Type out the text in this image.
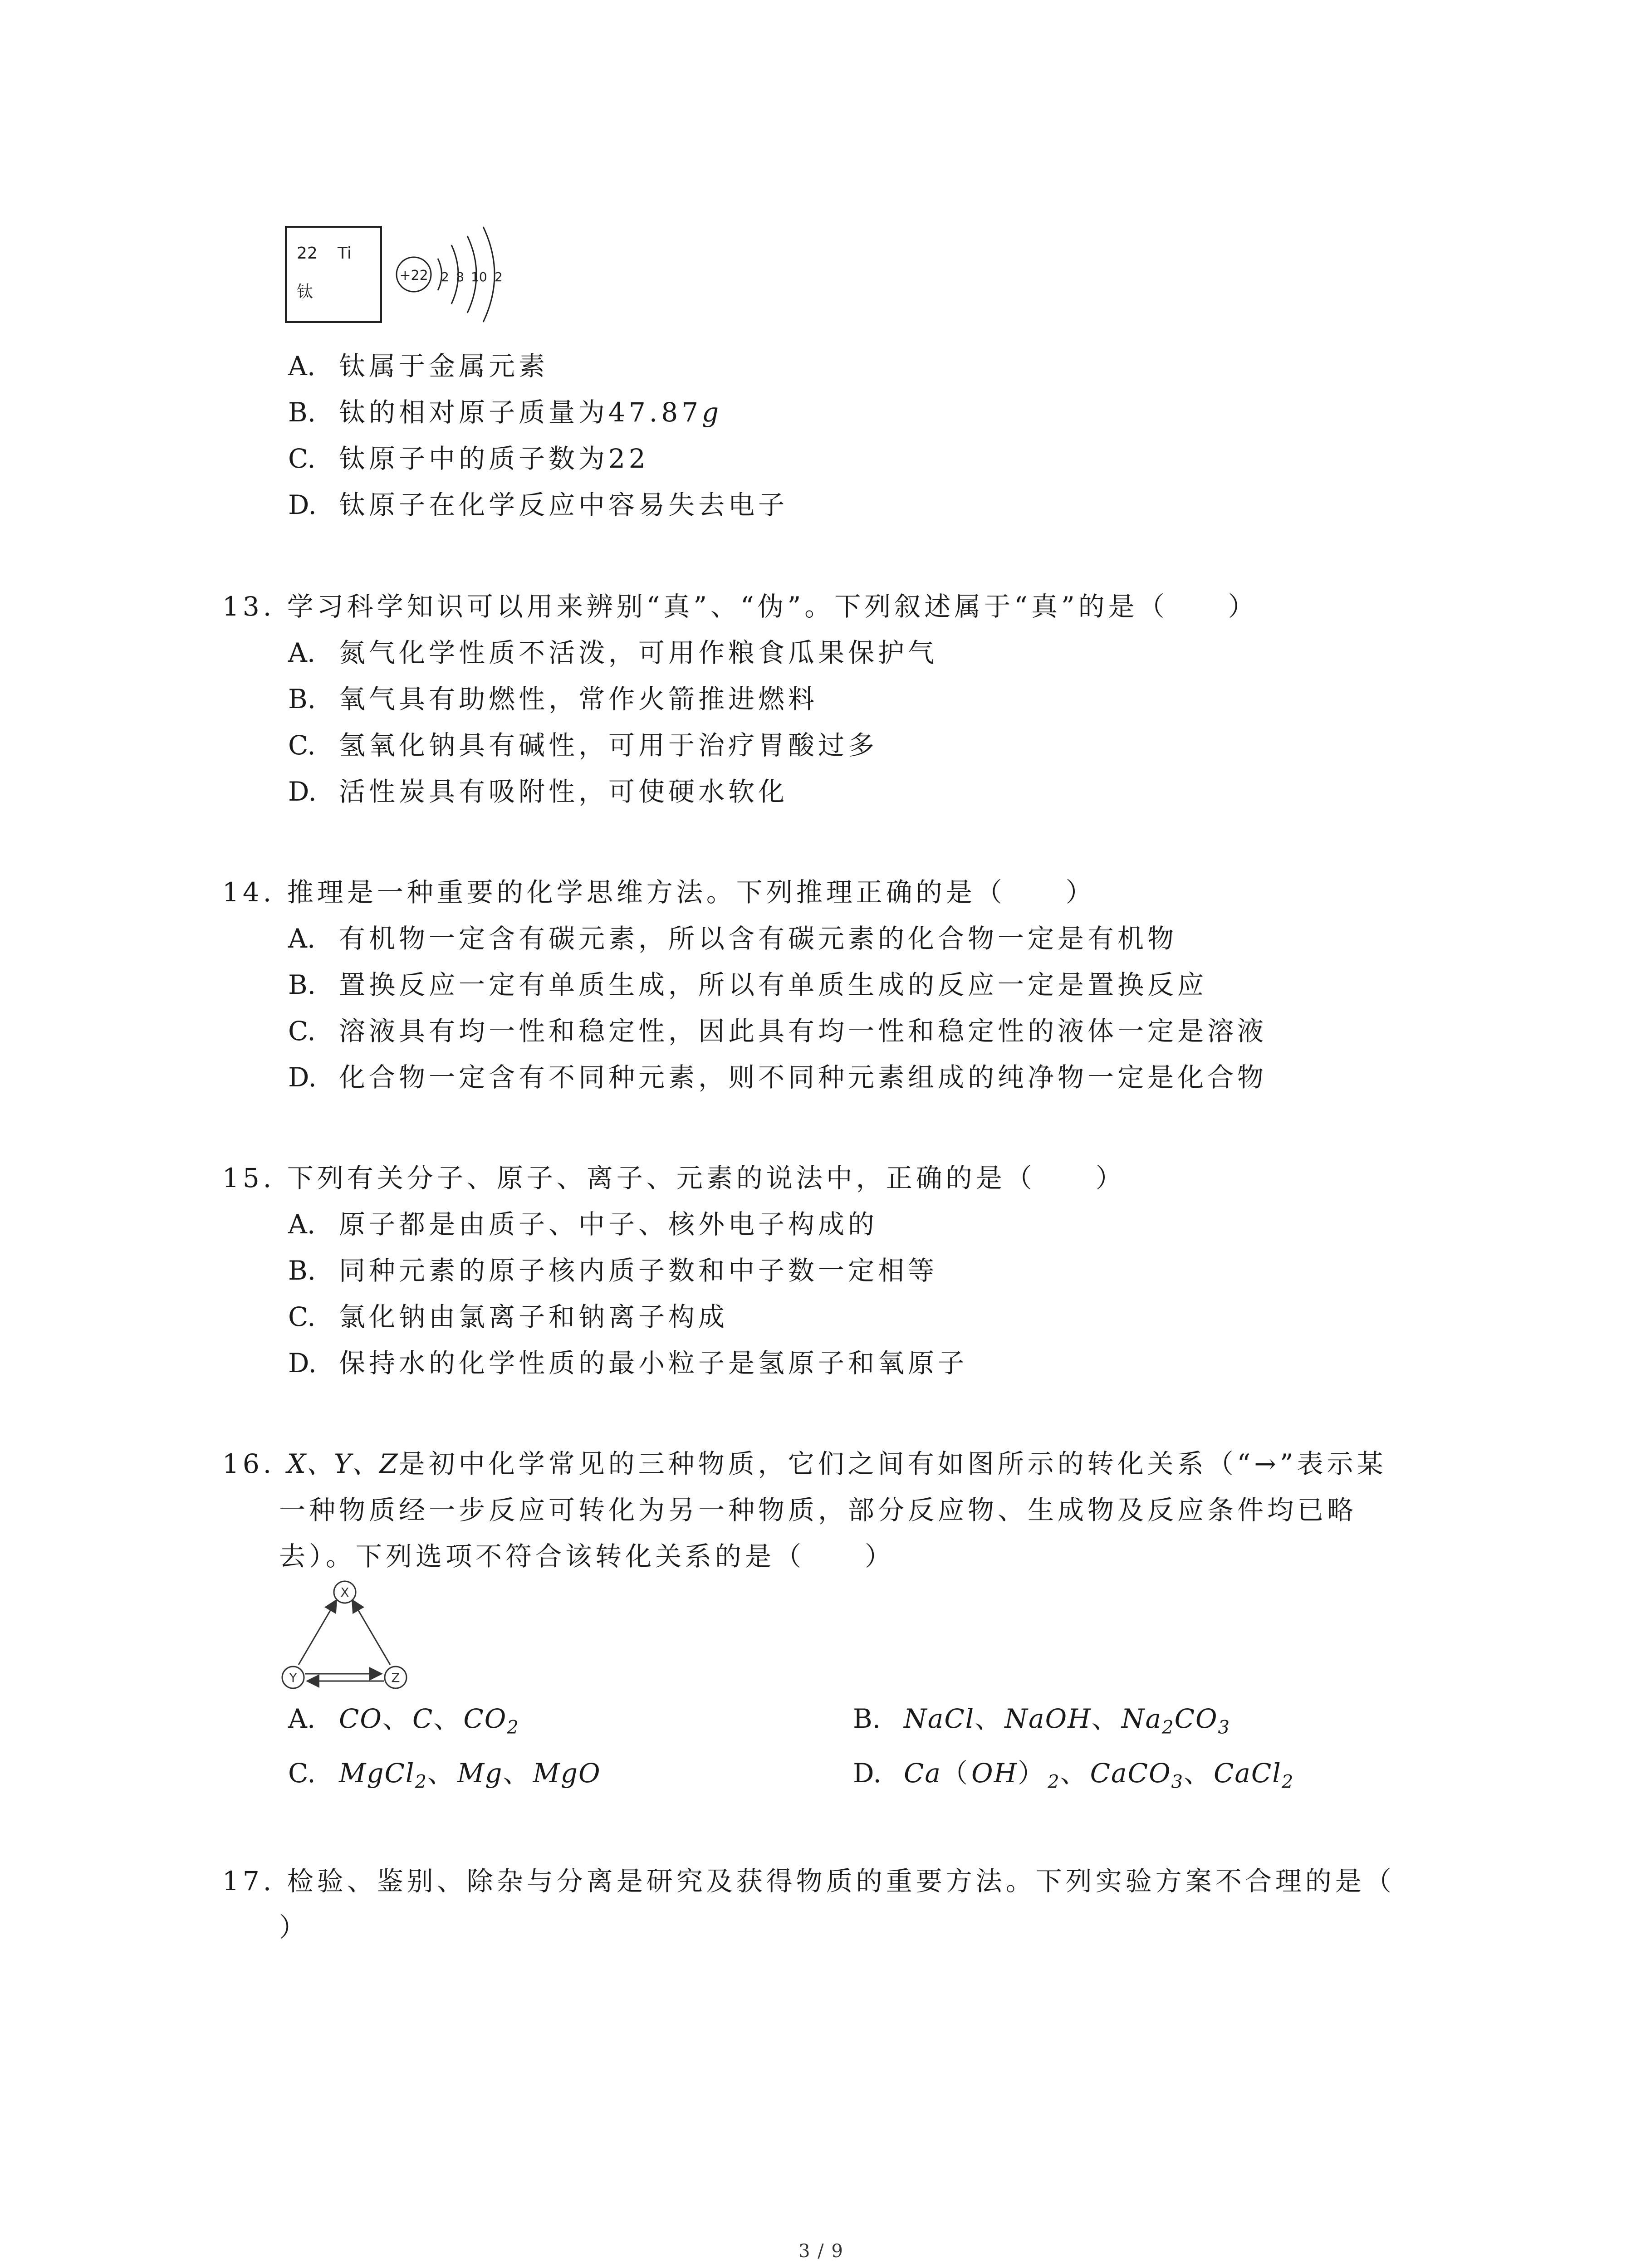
22 Ti
钛
+22 2 8 10 2
A. 钛属于金属元素
B. 钛的相对原子质量为47.87g
C. 钛原子中的质子数为22
D. 钛原子在化学反应中容易失去电子
13. 学习科学知识可以用来辨别“真”、“伪”。下列叙述属于“真”的是（　　）
A. 氮气化学性质不活泼，可用作粮食瓜果保护气
B. 氧气具有助燃性，常作火箭推进燃料
C. 氢氧化钠具有碱性，可用于治疗胃酸过多
D. 活性炭具有吸附性，可使硬水软化
14. 推理是一种重要的化学思维方法。下列推理正确的是（　　）
A. 有机物一定含有碳元素，所以含有碳元素的化合物一定是有机物
B. 置换反应一定有单质生成，所以有单质生成的反应一定是置换反应
C. 溶液具有均一性和稳定性，因此具有均一性和稳定性的液体一定是溶液
D. 化合物一定含有不同种元素，则不同种元素组成的纯净物一定是化合物
15. 下列有关分子、原子、离子、元素的说法中，正确的是（　　）
A. 原子都是由质子、中子、核外电子构成的
B. 同种元素的原子核内质子数和中子数一定相等
C. 氯化钠由氯离子和钠离子构成
D. 保持水的化学性质的最小粒子是氢原子和氧原子
16. X、Y、Z是初中化学常见的三种物质，它们之间有如图所示的转化关系（“→”表示某
一种物质经一步反应可转化为另一种物质，部分反应物、生成物及反应条件均已略
去）。下列选项不符合该转化关系的是（　　）
X
Y	Z
A. CO、C、$CO_2$	B. NaCl、NaOH、$Na_2CO_3$
C. MgCl$_2$、Mg、MgO	D. $Ca(OH)_2$、CaCO$_3$、CaCl$_2$
17. 检验、鉴别、除杂与分离是研究及获得物质的重要方法。下列实验方案不合理的是（
）
3 / 9
